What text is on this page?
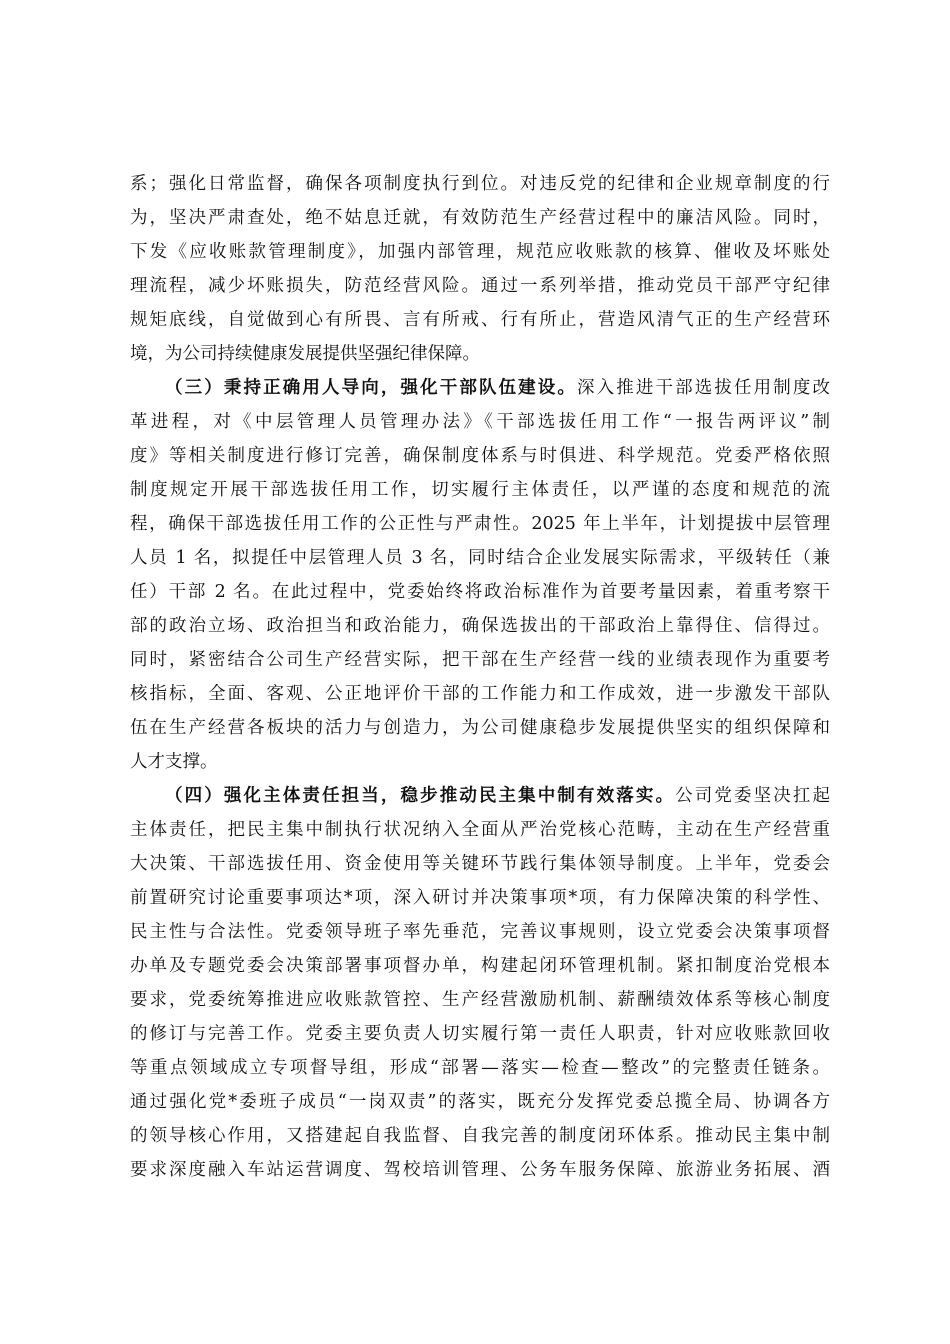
系；强化日常监督，确保各项制度执行到位。对违反党的纪律和企业规章制度的行
为，坚决严肃查处，绝不姑息迁就，有效防范生产经营过程中的廉洁风险。同时，
下发《应收账款管理制度》，加强内部管理，规范应收账款的核算、催收及坏账处
理流程，减少坏账损失，防范经营风险。通过一系列举措，推动党员干部严守纪律
规矩底线，自觉做到心有所畏、言有所戒、行有所止，营造风清气正的生产经营环
境，为公司持续健康发展提供坚强纪律保障。
（三）秉持正确用人导向，强化干部队伍建设。深入推进干部选拔任用制度改
革进程，对《中层管理人员管理办法》《干部选拔任用工作“一报告两评议”制
度》等相关制度进行修订完善，确保制度体系与时俱进、科学规范。党委严格依照
制度规定开展干部选拔任用工作，切实履行主体责任，以严谨的态度和规范的流
程，确保干部选拔任用工作的公正性与严肃性。2025 年上半年，计划提拔中层管理
人员 1 名，拟提任中层管理人员 3 名，同时结合企业发展实际需求，平级转任（兼
任）干部 2 名。在此过程中，党委始终将政治标准作为首要考量因素，着重考察干
部的政治立场、政治担当和政治能力，确保选拔出的干部政治上靠得住、信得过。
同时，紧密结合公司生产经营实际，把干部在生产经营一线的业绩表现作为重要考
核指标，全面、客观、公正地评价干部的工作能力和工作成效，进一步激发干部队
伍在生产经营各板块的活力与创造力，为公司健康稳步发展提供坚实的组织保障和
人才支撑。
（四）强化主体责任担当，稳步推动民主集中制有效落实。公司党委坚决扛起
主体责任，把民主集中制执行状况纳入全面从严治党核心范畴，主动在生产经营重
大决策、干部选拔任用、资金使用等关键环节践行集体领导制度。上半年，党委会
前置研究讨论重要事项达*项，深入研讨并决策事项*项，有力保障决策的科学性、
民主性与合法性。党委领导班子率先垂范，完善议事规则，设立党委会决策事项督
办单及专题党委会决策部署事项督办单，构建起闭环管理机制。紧扣制度治党根本
要求，党委统筹推进应收账款管控、生产经营激励机制、薪酬绩效体系等核心制度
的修订与完善工作。党委主要负责人切实履行第一责任人职责，针对应收账款回收
等重点领域成立专项督导组，形成“部署—落实—检查—整改”的完整责任链条。
通过强化党*委班子成员“一岗双责”的落实，既充分发挥党委总揽全局、协调各方
的领导核心作用，又搭建起自我监督、自我完善的制度闭环体系。推动民主集中制
要求深度融入车站运营调度、驾校培训管理、公务车服务保障、旅游业务拓展、酒
